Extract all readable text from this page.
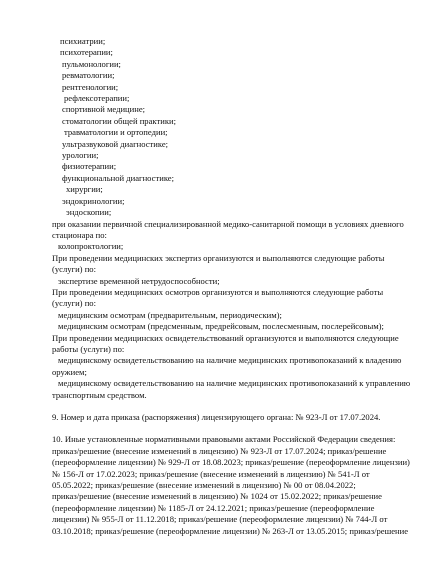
психиатрии;
психотерапии;
пульмонологии;
ревматологии;
рентгенологии;
рефлексотерапии;
спортивной медицине;
стоматологии общей практики;
травматологии и ортопедии;
ультразвуковой диагностике;
урологии;
физиотерапии;
функциональной диагностике;
хирургии;
эндокринологии;
эндоскопии;
при оказании первичной специализированной медико-санитарной помощи в условиях дневного
стационара по:
колопроктологии;
При проведении медицинских экспертиз организуются и выполняются следующие работы
(услуги) по:
экспертизе временной нетрудоспособности;
При проведении медицинских осмотров организуются и выполняются следующие работы
(услуги) по:
медицинским осмотрам (предварительным, периодическим);
медицинским осмотрам (предсменным, предрейсовым, послесменным, послерейсовым);
При проведении медицинских освидетельствований организуются и выполняются следующие
работы (услуги) по:
медицинскому освидетельствованию на наличие медицинских противопоказаний к владению
оружием;
медицинскому освидетельствованию на наличие медицинских противопоказаний к управлению
транспортным средством.
9. Номер и дата приказа (распоряжения) лицензирующего органа: № 923-Л от 17.07.2024.
10. Иные установленные нормативными правовыми актами Российской Федерации сведения:
приказ/решение (внесение изменений в лицензию) № 923-Л от 17.07.2024; приказ/решение
(переоформление лицензии) № 929-Л от 18.08.2023; приказ/решение (переоформление лицензии)
№ 156-Л от 17.02.2023; приказ/решение (внесение изменений в лицензию) № 541-Л от
05.05.2022; приказ/решение (внесение изменений в лицензию) № 00 от 08.04.2022;
приказ/решение (внесение изменений в лицензию) № 1024 от 15.02.2022; приказ/решение
(переоформление лицензии) № 1185-Л от 24.12.2021; приказ/решение (переоформление
лицензии) № 955-Л от 11.12.2018; приказ/решение (переоформление лицензии) № 744-Л от
03.10.2018; приказ/решение (переоформление лицензии) № 263-Л от 13.05.2015; приказ/решение
